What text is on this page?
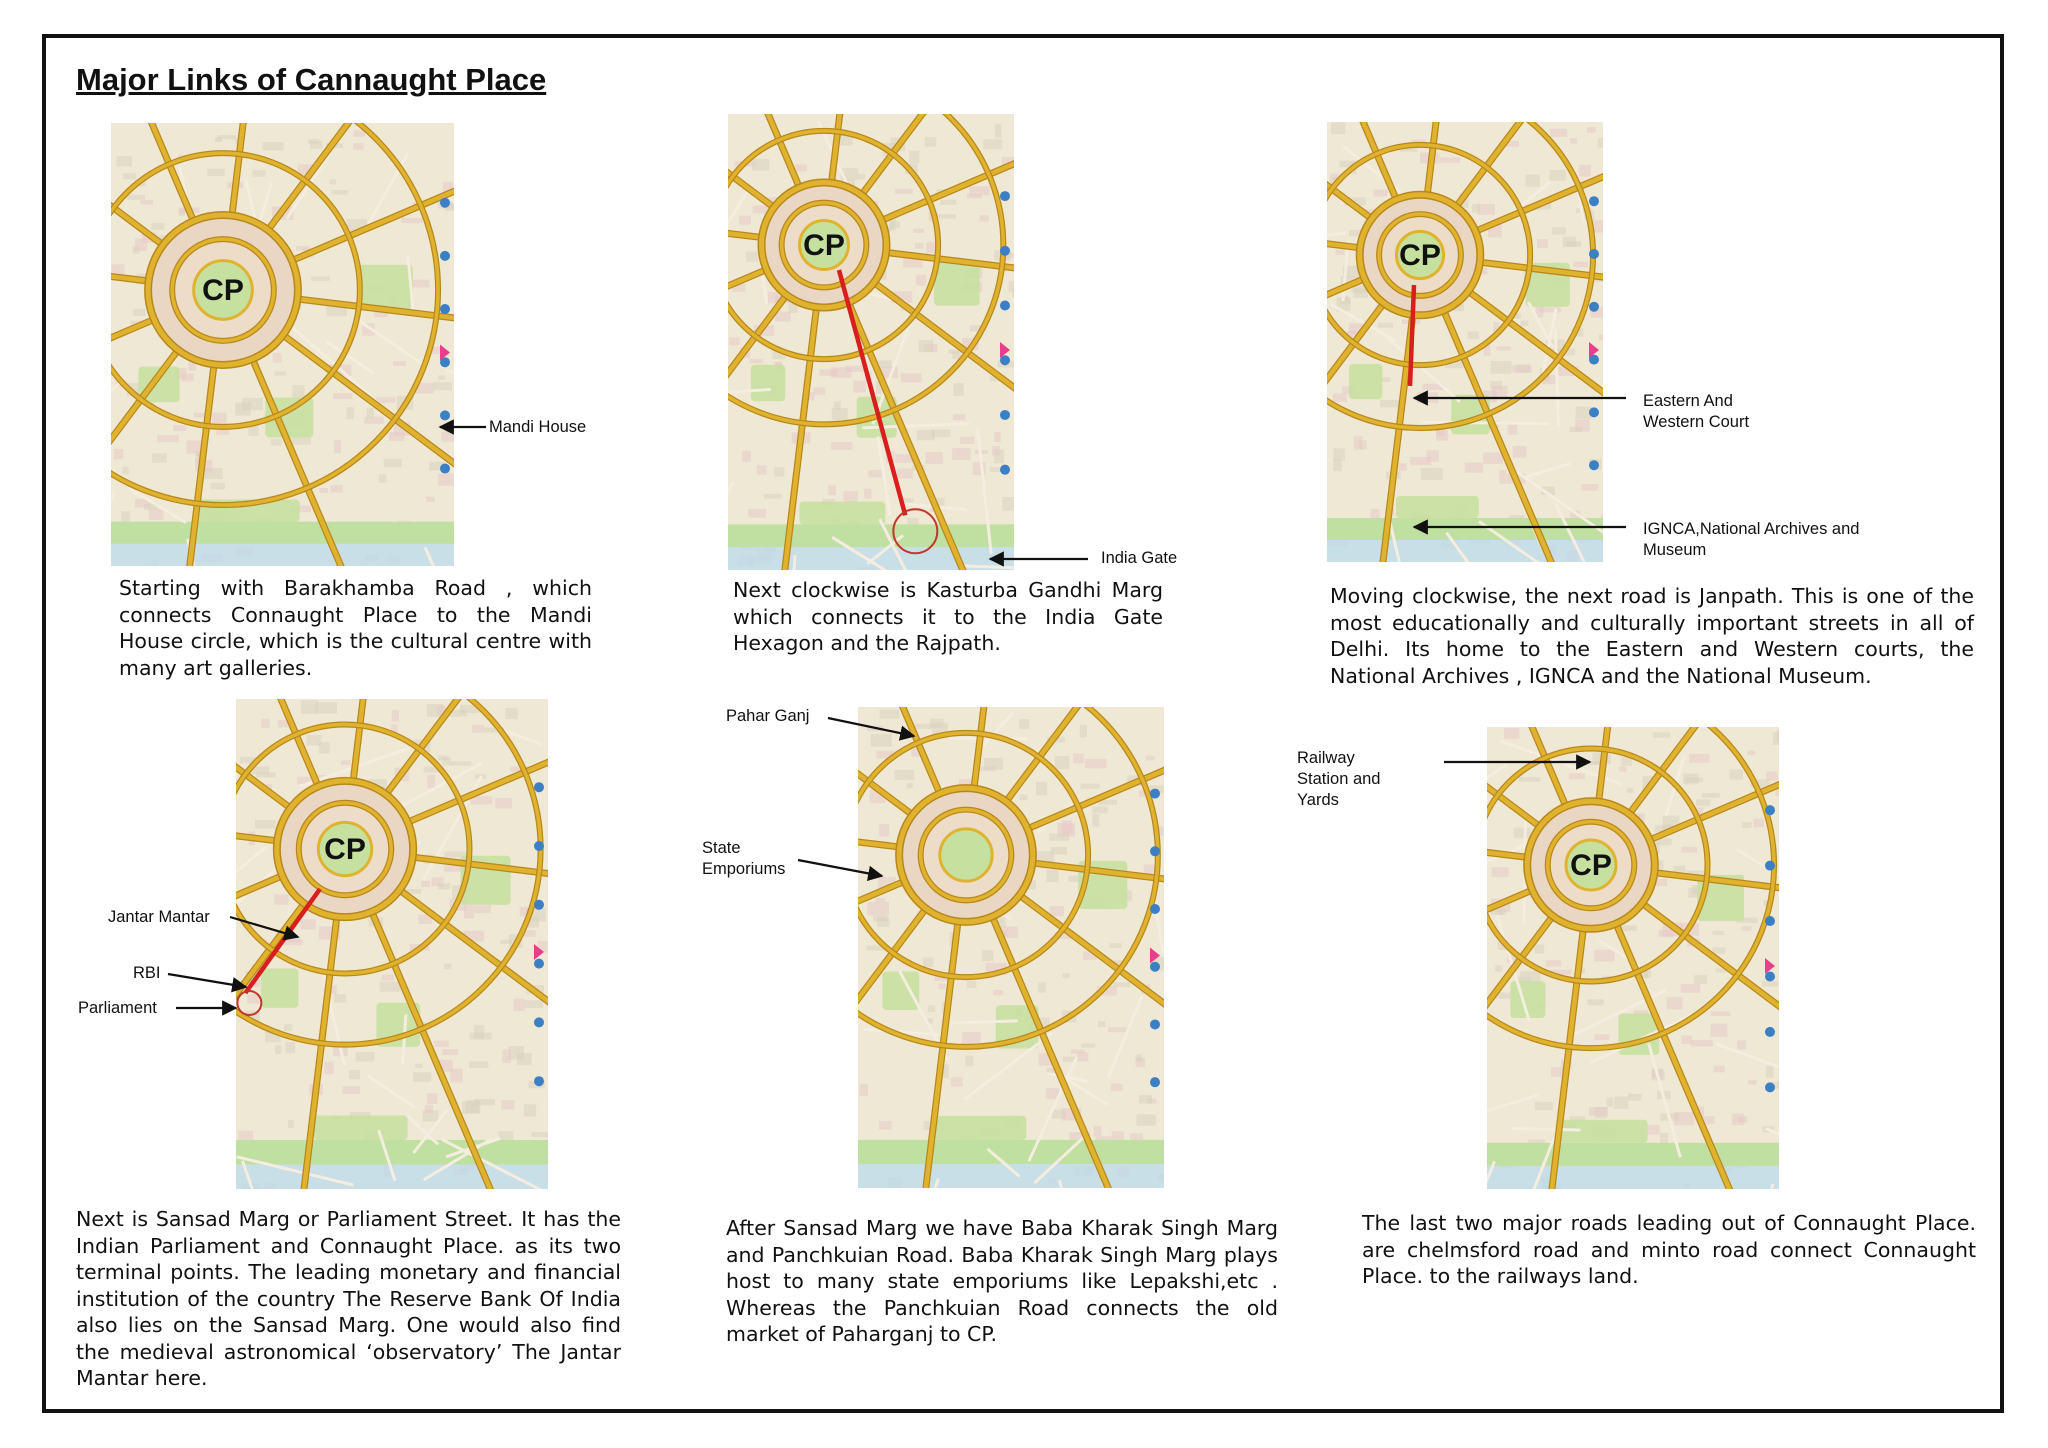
Major Links of Cannaught Place
CP
CP	CP
CP	CP

Starting with Barakhamba Road , which connects Connaught Place to the Mandi House circle, which is the cultural centre with many art galleries.

Next clockwise is Kasturba Gandhi Marg which connects it to the India Gate Hexagon and the Rajpath.

Moving clockwise, the next road is Janpath. This is one of the most educationally and culturally important streets in all of Delhi. Its home to the Eastern and Western courts, the National Archives , IGNCA and the National Museum.

Next is Sansad Marg or Parliament Street. It has the Indian Parliament and Connaught Place. as its two terminal points. The leading monetary and financial institution of the country The Reserve Bank Of India also lies on the Sansad Marg. One would also find the medieval astronomical ‘observatory’ The Jantar Mantar here.

After Sansad Marg we have Baba Kharak Singh Marg and Panchkuian Road. Baba Kharak Singh Marg plays host to many state emporiums like Lepakshi,etc . Whereas the Panchkuian Road connects the old market of Paharganj to CP.

The last two major roads leading out of Connaught Place. are chelmsford road and minto road connect Connaught Place. to the railways land.

Mandi House
India Gate
Eastern And
Western Court
IGNCA,National Archives and
Museum
Jantar Mantar
RBI
Parliament
Pahar Ganj
State
Emporiums
Railway
Station and
Yards
